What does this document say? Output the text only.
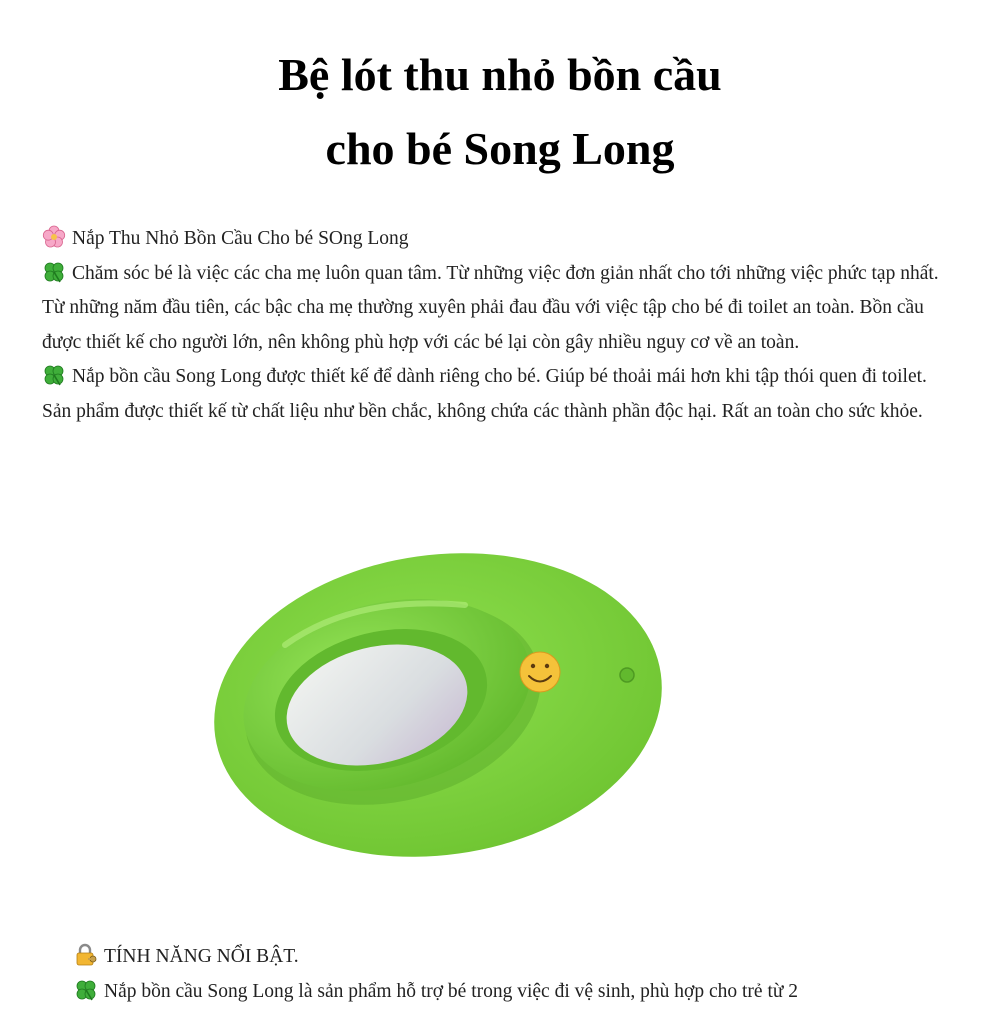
Bệ lót thu nhỏ bồn cầu
cho bé Song Long

Nắp Thu Nhỏ Bồn Cầu Cho bé SOng Long

Chăm sóc bé là việc các cha mẹ luôn quan tâm. Từ những việc đơn giản nhất cho tới những việc phức tạp nhất. Từ những năm đầu tiên, các bậc cha mẹ thường xuyên phải đau đầu với việc tập cho bé đi toilet an toàn. Bồn cầu được thiết kế cho người lớn, nên không phù hợp với các bé lại còn gây nhiều nguy cơ về an toàn.

Nắp bồn cầu Song Long được thiết kế để dành riêng cho bé. Giúp bé thoải mái hơn khi tập thói quen đi toilet. Sản phẩm được thiết kế từ chất liệu như bền chắc, không chứa các thành phần độc hại. Rất an toàn cho sức khỏe.

TÍNH NĂNG NỔI BẬT.

Nắp bồn cầu Song Long là sản phẩm hỗ trợ bé trong việc đi vệ sinh, phù hợp cho trẻ từ 2
